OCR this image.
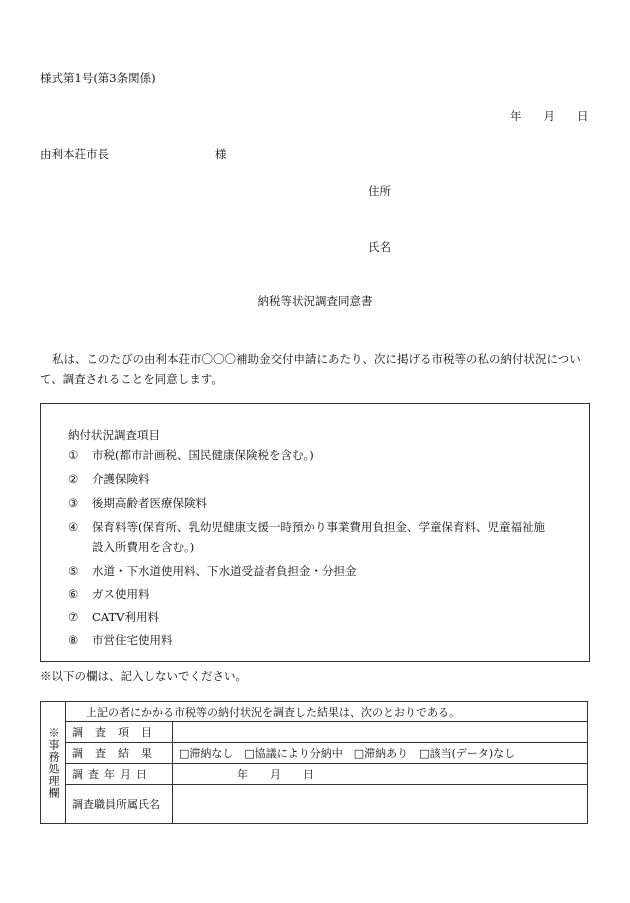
様式第1号(第3条関係)
年 月 日
由利本荘市長	様
住所
氏名
納税等状況調査同意書
私は、このたびの由利本荘市〇〇〇補助金交付申請にあたり、次に掲げる市税等の私の納付状況について、調査されることを同意します。
納付状況調査項目
① 市税(都市計画税、国民健康保険税を含む。)
② 介護保険料
③ 後期高齢者医療保険料
④ 保育料等(保育所、乳幼児健康支援一時預かり事業費用負担金、学童保育料、児童福祉施設入所費用を含む。)
⑤ 水道・下水道使用料、下水道受益者負担金・分担金
⑥ ガス使用料
⑦ CATV利用料
⑧ 市営住宅使用料
※以下の欄は、記入しないでください。
※事務処理欄	上記の者にかかる市税等の納付状況を調査した結果は、次のとおりである。	
	調査項目	
	調査結果	□滞納なし　□協議により分納中　□滞納あり　□該当(データ)なし
	調査年月日	年　　月　　日
	調査職員所属氏名	
